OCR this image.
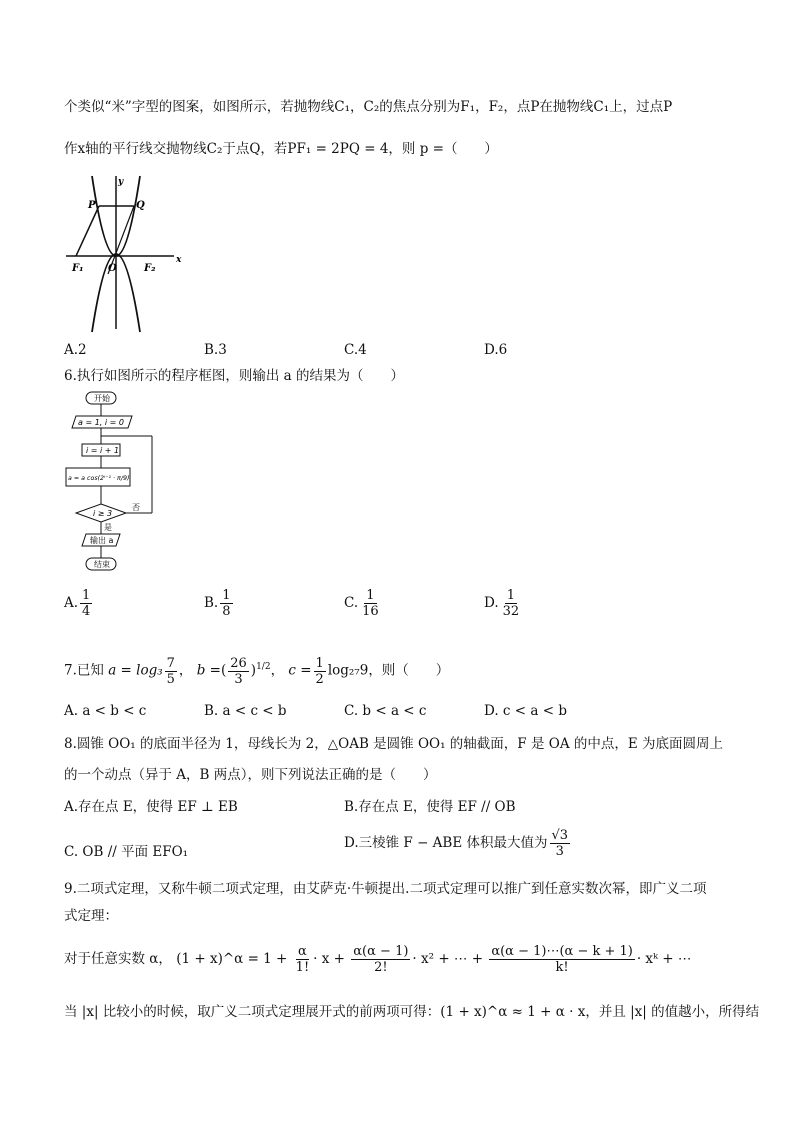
个类似“米”字型的图案，如图所示，若抛物线C₁，C₂的焦点分别为F₁，F₂，点P在抛物线C₁上，过点P
作x轴的平行线交抛物线C₂于点Q，若PF₁ = 2PQ = 4，则 p =（　　）
y
x
P	Q
F₁ O	F₂
A.2	B.3	C.4	D.6
6.执行如图所示的程序框图，则输出 a 的结果为（　　）
开始
a = 1, i = 0
i = i + 1
a = a cos(2ⁱ⁻¹ · π/9)
i ≥ 3
否
是
输出 a
结束
A. $\frac{1}{4}$	B. $\frac{1}{8}$	C. $\frac{1}{16}$	D. $\frac{1}{32}$
7.已知 $a = \log_3 \frac{7}{5}$ ， b =( $\frac{26}{3} )^{1/2}$， $c = \frac{1}{2} \log_{27}9$，则（　　）
A. a < b < c	B. a < c < b	C. b < a < c	D. c < a < b
8.圆锥 OO₁ 的底面半径为 1，母线长为 2，△OAB 是圆锥 OO₁ 的轴截面，F 是 OA 的中点，E 为底面圆周上
的一个动点（异于 A，B 两点），则下列说法正确的是（　　）
A.存在点 E，使得 EF ⊥ EB	B.存在点 E，使得 EF // OB
C. OB // 平面 EFO₁
D.三棱锥 F − ABE 体积最大值为 $\frac{√3}{3}$
9.二项式定理，又称牛顿二项式定理，由艾萨克·牛顿提出.二项式定理可以推广到任意实数次幂，即广义二项
式定理：
对于任意实数 α， (1 + x)^α = $1 + \frac{\alpha}{1!} \cdot x + \frac{\alpha(\alpha - 1)}{2!} \cdot x^2$ + ⋯ + $\frac{\alpha(\alpha - 1)\cdots(\alpha - k + 1)}{k!}$ · xᵏ + ⋯
当 |x| 比较小的时候，取广义二项式定理展开式的前两项可得：(1 + x)^α ≈ 1 + α · x，并且 |x| 的值越小，所得结
